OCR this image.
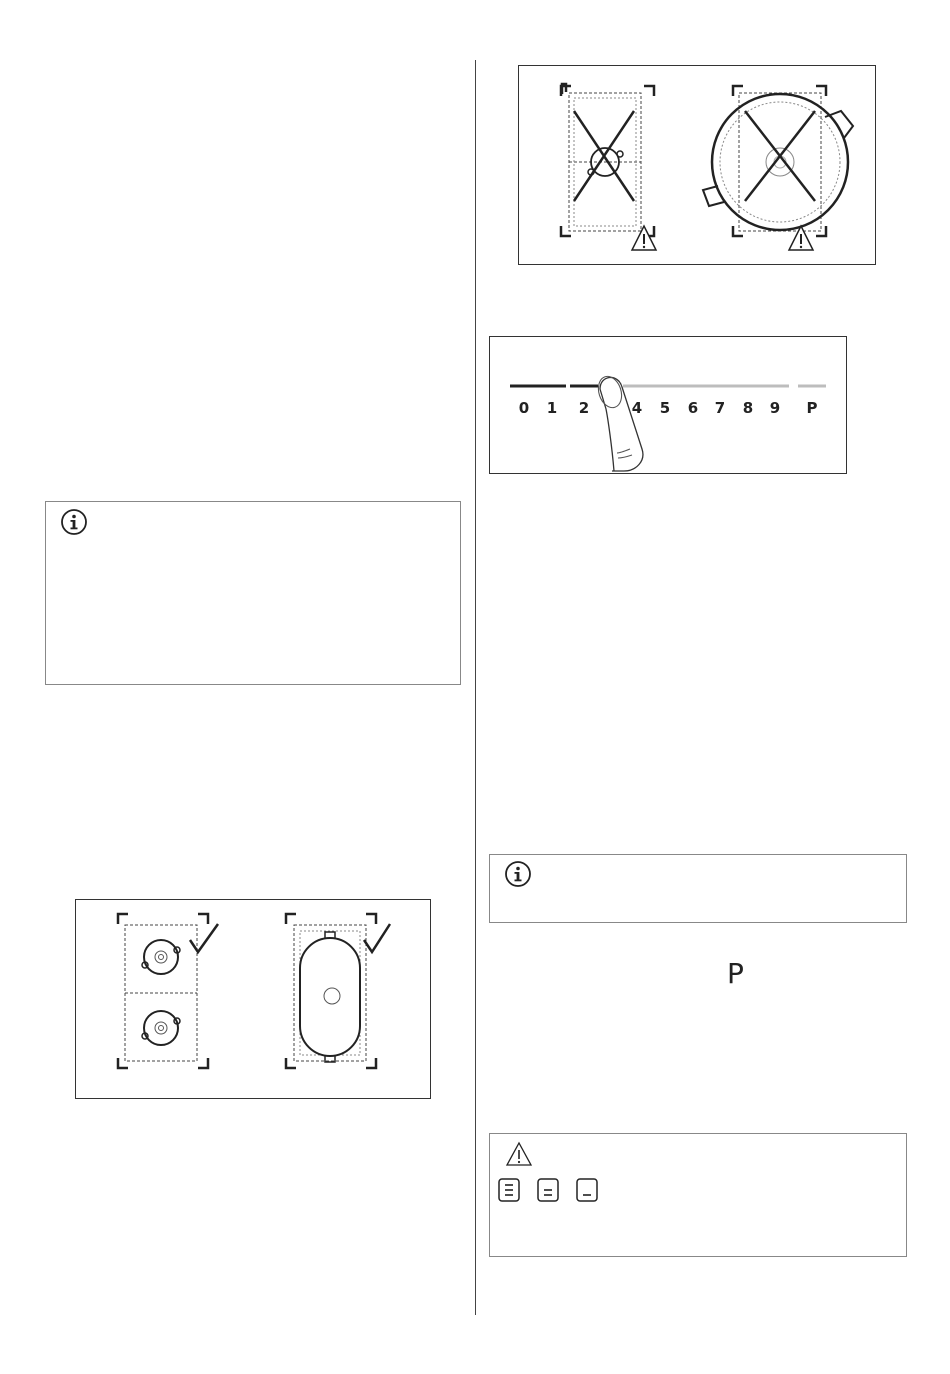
0 1 2	4 5 6 7 8 9 P
P
